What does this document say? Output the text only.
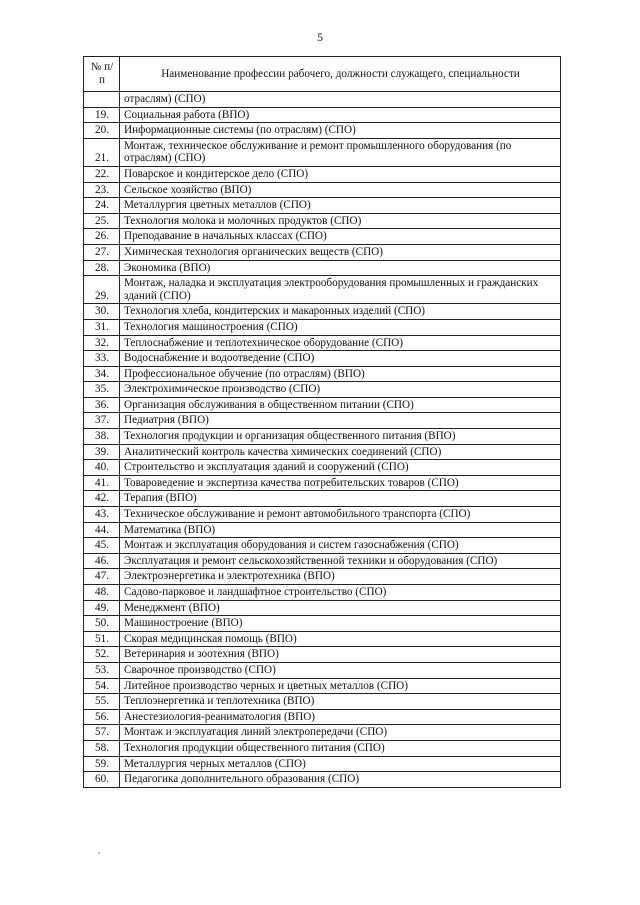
5
№ п/п	Наименование профессии рабочего, должности служащего, специальности
	отраслям) (СПО)
19.	Социальная работа (ВПО)
20.	Информационные системы (по отраслям) (СПО)
21.	Монтаж, техническое обслуживание и ремонт промышленного оборудования (по отраслям) (СПО)
22.	Поварское и кондитерское дело (СПО)
23.	Сельское хозяйство (ВПО)
24.	Металлургия цветных металлов (СПО)
25.	Технология молока и молочных продуктов (СПО)
26.	Преподавание в начальных классах (СПО)
27.	Химическая технология органических веществ (СПО)
28.	Экономика (ВПО)
29.	Монтаж, наладка и эксплуатация электрооборудования промышленных и гражданских зданий (СПО)
30.	Технология хлеба, кондитерских и макаронных изделий (СПО)
31.	Технология машиностроения (СПО)
32.	Теплоснабжение и теплотехническое оборудование (СПО)
33.	Водоснабжение и водоотведение (СПО)
34.	Профессиональное обучение (по отраслям) (ВПО)
35.	Электрохимическое производство (СПО)
36.	Организация обслуживания в общественном питании (СПО)
37.	Педиатрия (ВПО)
38.	Технология продукции и организация общественного питания (ВПО)
39.	Аналитический контроль качества химических соединений (СПО)
40.	Строительство и эксплуатация зданий и сооружений (СПО)
41.	Товароведение и экспертиза качества потребительских товаров (СПО)
42.	Терапия (ВПО)
43.	Техническое обслуживание и ремонт автомобильного транспорта (СПО)
44.	Математика (ВПО)
45.	Монтаж и эксплуатация оборудования и систем газоснабжения (СПО)
46.	Эксплуатация и ремонт сельскохозяйственной техники и оборудования (СПО)
47.	Электроэнергетика и электротехника (ВПО)
48.	Садово-парковое и ландшафтное строительство (СПО)
49.	Менеджмент (ВПО)
50.	Машиностроение (ВПО)
51.	Скорая медицинская помощь (ВПО)
52.	Ветеринария и зоотехния (ВПО)
53.	Сварочное производство (СПО)
54.	Литейное производство черных и цветных металлов (СПО)
55.	Теплоэнергетика и теплотехника (ВПО)
56.	Анестезиология-реаниматология (ВПО)
57.	Монтаж и эксплуатация линий электропередачи (СПО)
58.	Технология продукции общественного питания (СПО)
59.	Металлургия черных металлов (СПО)
60.	Педагогика дополнительного образования (СПО)
